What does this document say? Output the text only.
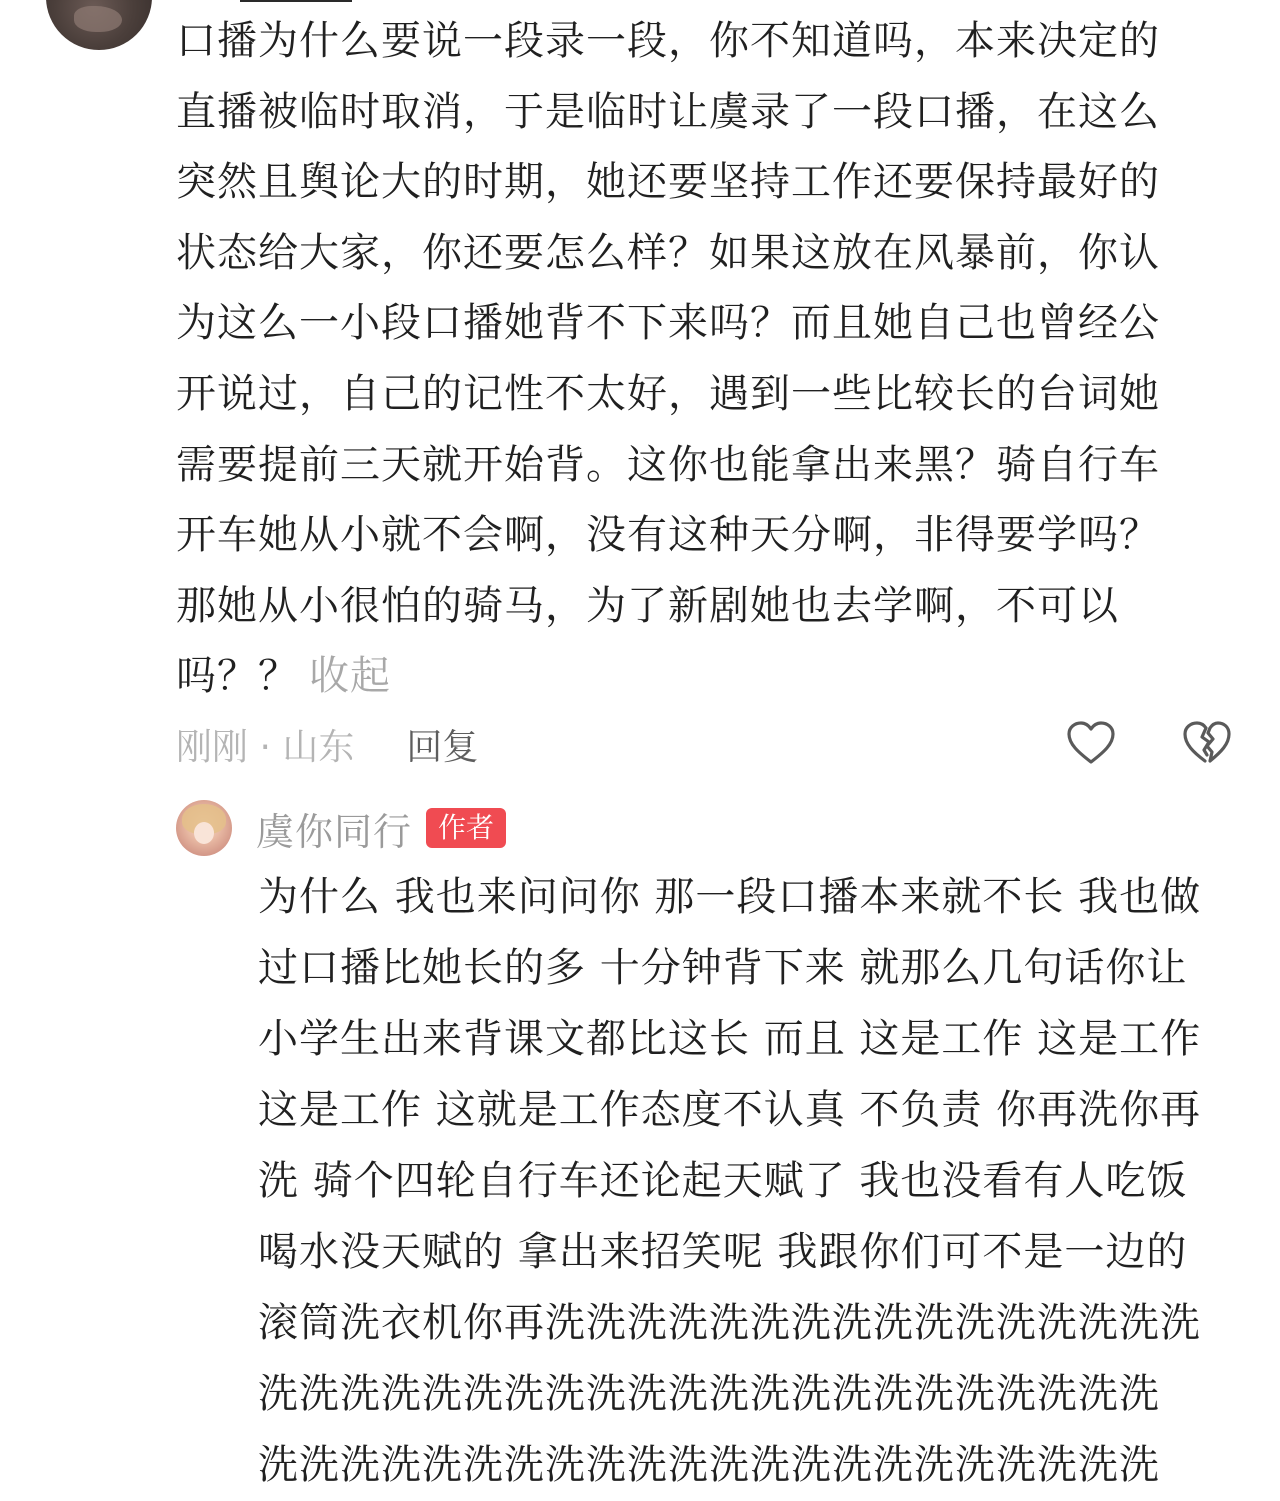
口播为什么要说一段录一段，你不知道吗，本来决定的
直播被临时取消，于是临时让虞录了一段口播，在这么
突然且舆论大的时期，她还要坚持工作还要保持最好的
状态给大家，你还要怎么样？如果这放在风暴前，你认
为这么一小段口播她背不下来吗？而且她自己也曾经公
开说过，自己的记性不太好，遇到一些比较长的台词她
需要提前三天就开始背。这你也能拿出来黑？骑自行车
开车她从小就不会啊，没有这种天分啊，非得要学吗？
那她从小很怕的骑马，为了新剧她也去学啊，不可以
吗？？ 收起

刚刚 · 山东 回复
虞你同行 作者

为什么 我也来问问你 那一段口播本来就不长 我也做
过口播比她长的多 十分钟背下来 就那么几句话你让
小学生出来背课文都比这长 而且 这是工作 这是工作
这是工作 这就是工作态度不认真 不负责 你再洗你再
洗 骑个四轮自行车还论起天赋了 我也没看有人吃饭
喝水没天赋的 拿出来招笑呢 我跟你们可不是一边的
滚筒洗衣机你再洗洗洗洗洗洗洗洗洗洗洗洗洗洗洗洗
洗洗洗洗洗洗洗洗洗洗洗洗洗洗洗洗洗洗洗洗洗洗
洗洗洗洗洗洗洗洗洗洗洗洗洗洗洗洗洗洗洗洗洗洗
